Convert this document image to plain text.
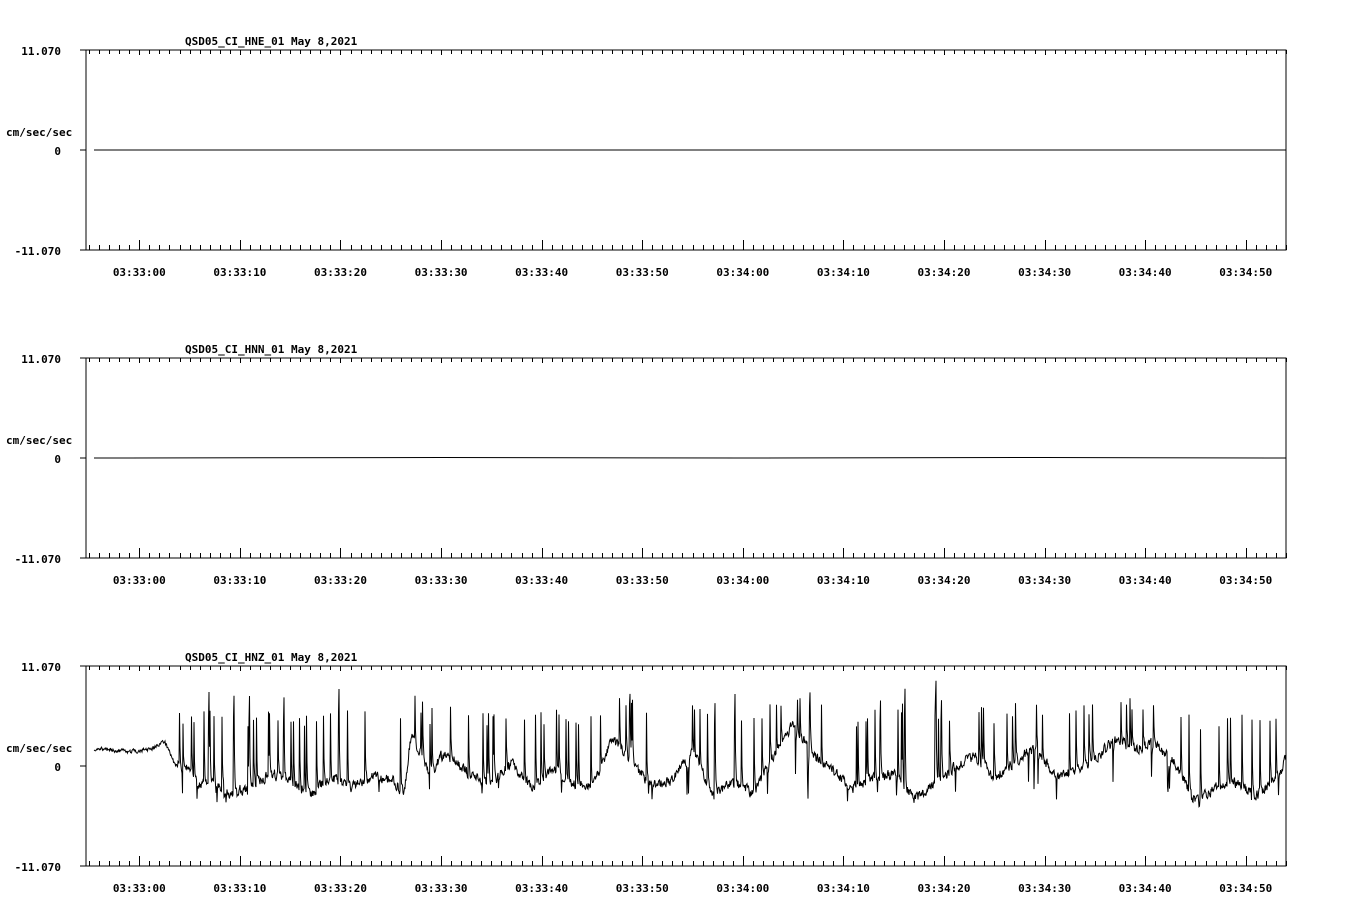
QSD05_CI_HNE_01 May 8,2021
cm/sec/sec
11.070
0
-11.070
03:33:00	03:33:10	03:33:20	03:33:30	03:33:40	03:33:50	03:34:00	03:34:10	03:34:20	03:34:30	03:34:40	03:34:50
QSD05_CI_HNN_01 May 8,2021
cm/sec/sec
11.070
0
-11.070
03:33:00	03:33:10	03:33:20	03:33:30	03:33:40	03:33:50	03:34:00	03:34:10	03:34:20	03:34:30	03:34:40	03:34:50
QSD05_CI_HNZ_01 May 8,2021
cm/sec/sec
11.070
0
-11.070
03:33:00	03:33:10	03:33:20	03:33:30	03:33:40	03:33:50	03:34:00	03:34:10	03:34:20	03:34:30	03:34:40	03:34:50
